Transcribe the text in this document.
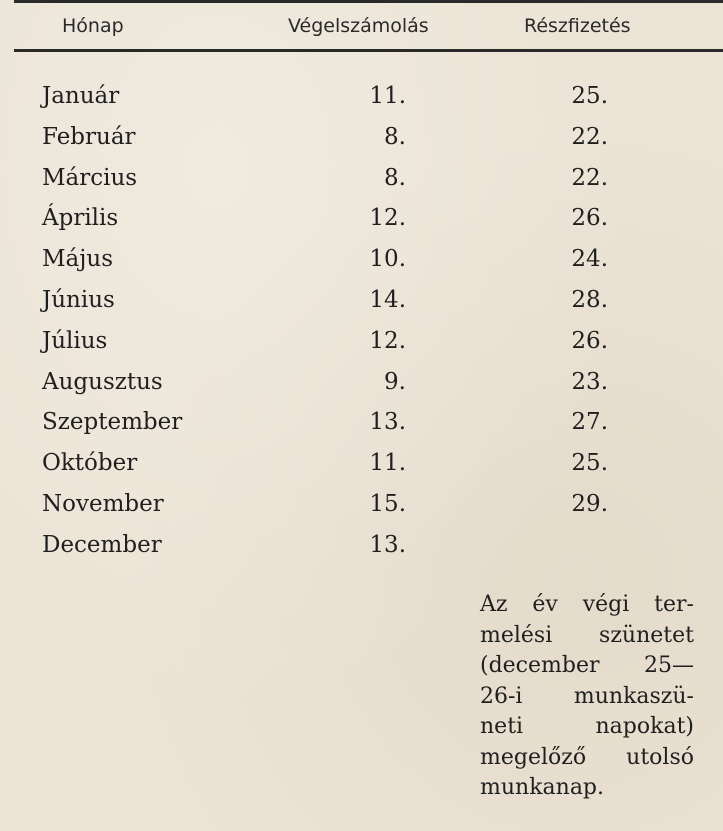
Hónap	Végelszámolás	Részfizetés
Január	11.	25.
Február	8.	22.
Március	8.	22.
Április	12.	26.
Május	10.	24.
Június	14.	28.
Július	12.	26.
Augusztus	9.	23.
Szeptember	13.	27.
Október	11.	25.
November	15.	29.
December	13.
Az év végi ter-
melési szünetet
(december 25—
26-i munkaszü-
neti napokat)
megelőző utolsó
munkanap.
